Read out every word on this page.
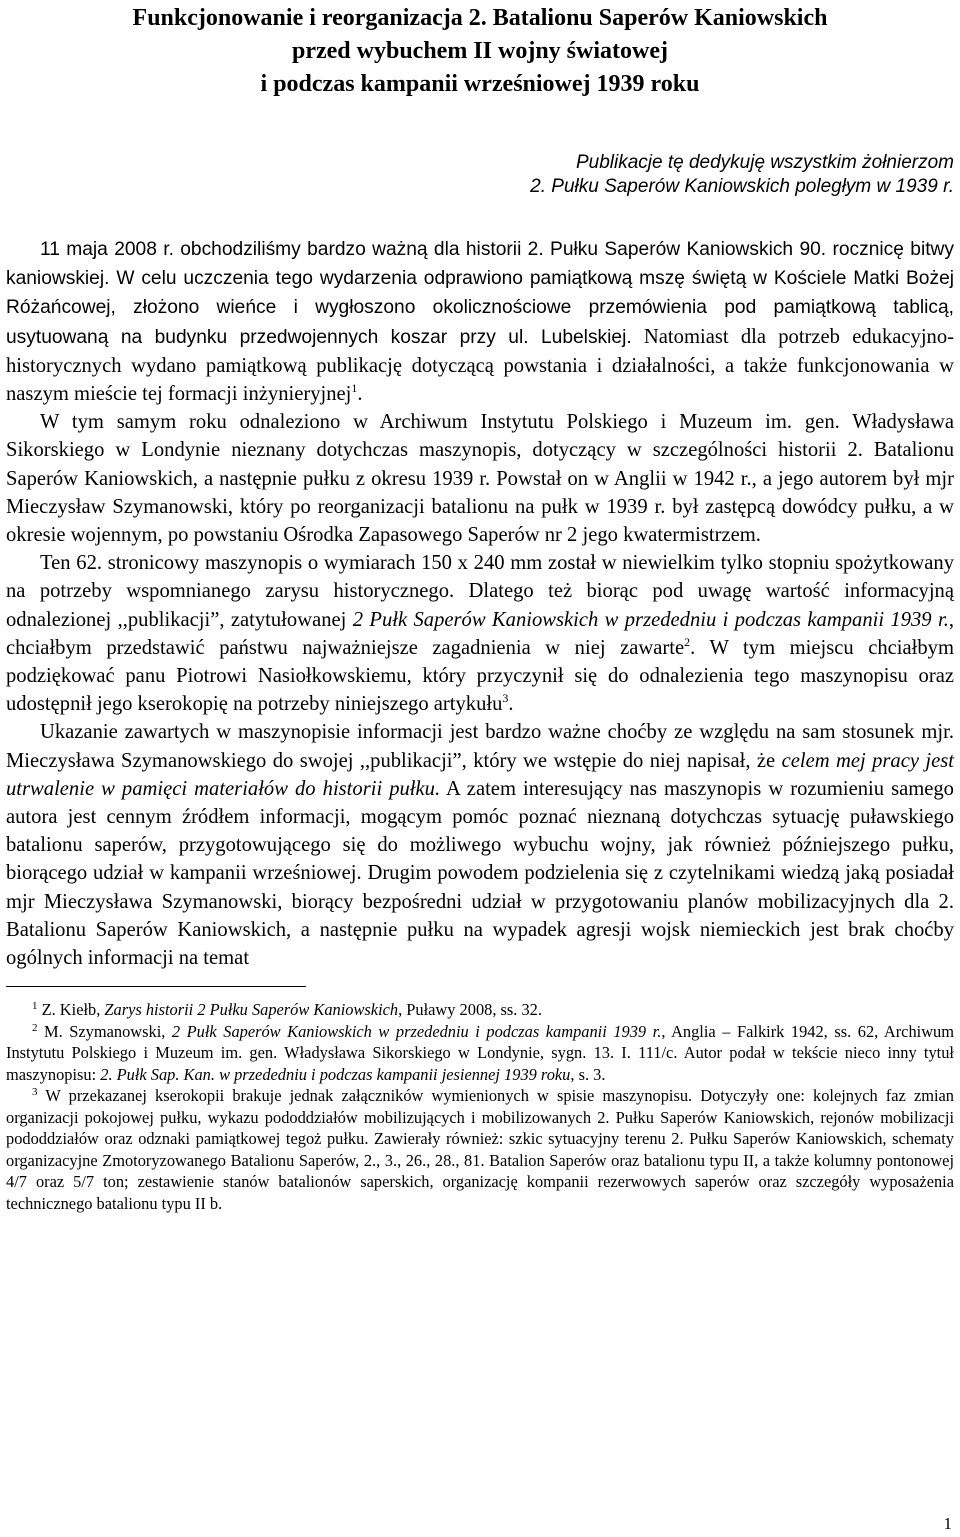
Funkcjonowanie i reorganizacja 2. Batalionu Saperów Kaniowskich
przed wybuchem II wojny światowej
i podczas kampanii wrześniowej 1939 roku
Publikacje tę dedykuję wszystkim żołnierzom
2. Pułku Saperów Kaniowskich poległym w 1939 r.

11 maja 2008 r. obchodziliśmy bardzo ważną dla historii 2. Pułku Saperów Kaniowskich 90. rocznicę bitwy kaniowskiej. W celu uczczenia tego wydarzenia odprawiono pamiątkową mszę świętą w Kościele Matki Bożej Różańcowej, złożono wieńce i wygłoszono okolicznościowe przemówienia pod pamiątkową tablicą, usytuowaną na budynku przedwojennych koszar przy ul. Lubelskiej. Natomiast dla potrzeb edukacyjno-historycznych wydano pamiątkową publikację dotyczącą powstania i działalności, a także funkcjonowania w naszym mieście tej formacji inżynieryjnej$^1$.

W tym samym roku odnaleziono w Archiwum Instytutu Polskiego i Muzeum im. gen. Władysława Sikorskiego w Londynie nieznany dotychczas maszynopis, dotyczący w szczególności historii 2. Batalionu Saperów Kaniowskich, a następnie pułku z okresu 1939 r. Powstał on w Anglii w 1942 r., a jego autorem był mjr Mieczysław Szymanowski, który po reorganizacji batalionu na pułk w 1939 r. był zastępcą dowódcy pułku, a w okresie wojennym, po powstaniu Ośrodka Zapasowego Saperów nr 2 jego kwatermistrzem.

Ten 62. stronicowy maszynopis o wymiarach 150 x 240 mm został w niewielkim tylko stopniu spożytkowany na potrzeby wspomnianego zarysu historycznego. Dlatego też biorąc pod uwagę wartość informacyjną odnalezionej ,,publikacji”, zatytułowanej 2 Pułk Saperów Kaniowskich w przededniu i podczas kampanii 1939 r., chciałbym przedstawić państwu najważniejsze zagadnienia w niej zawarte$^2$. W tym miejscu chciałbym podziękować panu Piotrowi Nasiołkowskiemu, który przyczynił się do odnalezienia tego maszynopisu oraz udostępnił jego kserokopię na potrzeby niniejszego artykułu$^3$.

Ukazanie zawartych w maszynopisie informacji jest bardzo ważne choćby ze względu na sam stosunek mjr. Mieczysława Szymanowskiego do swojej ,,publikacji”, który we wstępie do niej napisał, że celem mej pracy jest utrwalenie w pamięci materiałów do historii pułku. A zatem interesujący nas maszynopis w rozumieniu samego autora jest cennym źródłem informacji, mogącym pomóc poznać nieznaną dotychczas sytuację puławskiego batalionu saperów, przygotowującego się do możliwego wybuchu wojny, jak również późniejszego pułku, biorącego udział w kampanii wrześniowej. Drugim powodem podzielenia się z czytelnikami wiedzą jaką posiadał mjr Mieczysława Szymanowski, biorący bezpośredni udział w przygotowaniu planów mobilizacyjnych dla 2. Batalionu Saperów Kaniowskich, a następnie pułku na wypadek agresji wojsk niemieckich jest brak choćby ogólnych informacji na temat

$^1$ Z. Kiełb, Zarys historii 2 Pułku Saperów Kaniowskich, Puławy 2008, ss. 32.

$^2$ M. Szymanowski, 2 Pułk Saperów Kaniowskich w przededniu i podczas kampanii 1939 r., Anglia – Falkirk 1942, ss. 62, Archiwum Instytutu Polskiego i Muzeum im. gen. Władysława Sikorskiego w Londynie, sygn. 13. I. 111/c. Autor podał w tekście nieco inny tytuł maszynopisu: 2. Pułk Sap. Kan. w przededniu i podczas kampanii jesiennej 1939 roku, s. 3.

$^3$ W przekazanej kserokopii brakuje jednak załączników wymienionych w spisie maszynopisu. Dotyczyły one: kolejnych faz zmian organizacji pokojowej pułku, wykazu pododdziałów mobilizujących i mobilizowanych 2. Pułku Saperów Kaniowskich, rejonów mobilizacji pododdziałów oraz odznaki pamiątkowej tegoż pułku. Zawierały również: szkic sytuacyjny terenu 2. Pułku Saperów Kaniowskich, schematy organizacyjne Zmotoryzowanego Batalionu Saperów, 2., 3., 26., 28., 81. Batalion Saperów oraz batalionu typu II, a także kolumny pontonowej 4/7 oraz 5/7 ton; zestawienie stanów batalionów saperskich, organizację kompanii rezerwowych saperów oraz szczegóły wyposażenia technicznego batalionu typu II b.

1
